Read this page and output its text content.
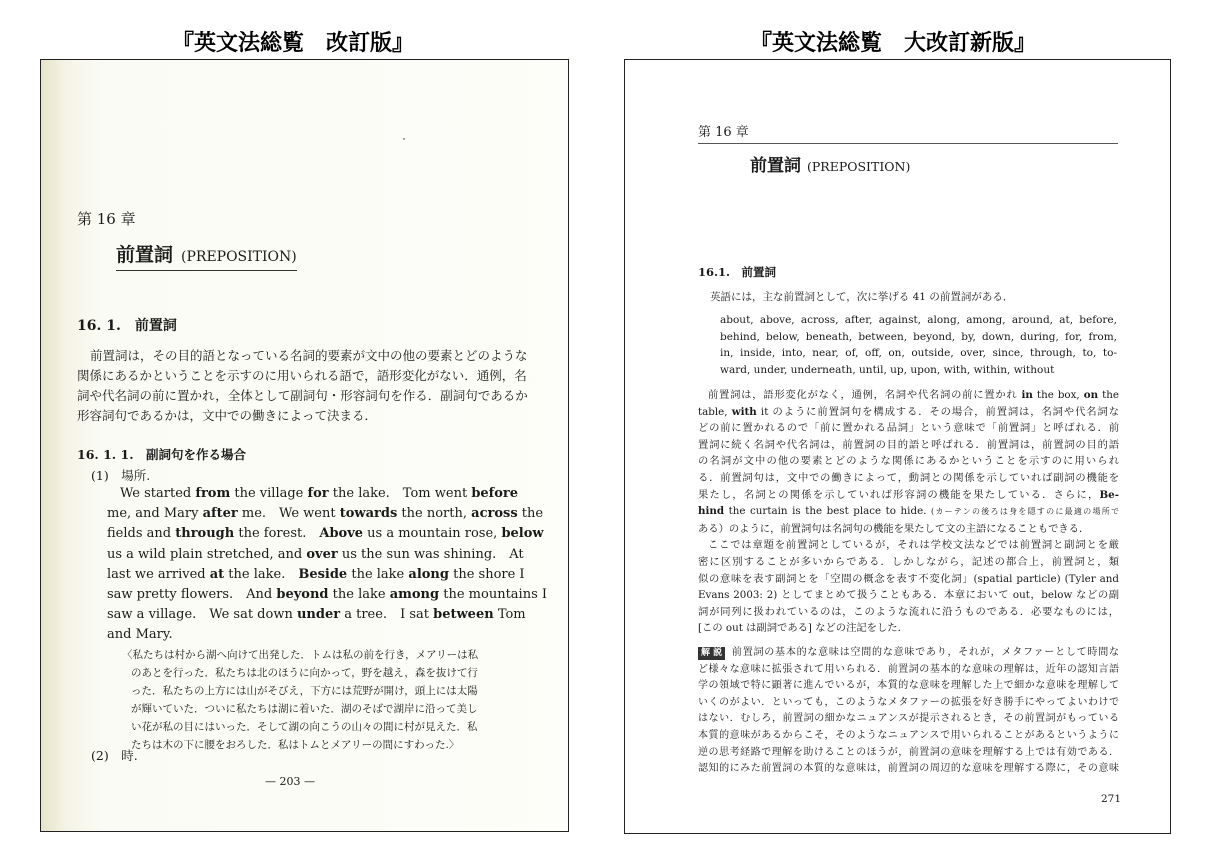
『英文法総覧　改訂版』	『英文法総覧　大改訂新版』
第 16 章
前置詞 (PREPOSITION)
16. 1.　前置詞
前置詞は，その目的語となっている名詞的要素が文中の他の要素とどのような関係にあるかということを示すのに用いられる語で，語形変化がない．通例，名詞や代名詞の前に置かれ，全体として副詞句・形容詞句を作る．副詞句であるか形容詞句であるかは，文中での働きによって決まる．
16. 1. 1.　副詞句を作る場合
(1)　場所.
We started from the village for the lake.　Tom went before
me, and Mary after me.　We went towards the north, across the
fields and through the forest.　Above us a mountain rose, below
us a wild plain stretched, and over us the sun was shining.　At
last we arrived at the lake.　Beside the lake along the shore I
saw pretty flowers.　And beyond the lake among the mountains I
saw a village.　We sat down under a tree.　I sat between Tom
and Mary.
〈私たちは村から湖へ向けて出発した．トムは私の前を行き，メアリーは私
のあとを行った．私たちは北のほうに向かって，野を越え，森を抜けて行
った．私たちの上方には山がそびえ，下方には荒野が開け，頭上には太陽
が輝いていた．ついに私たちは湖に着いた．湖のそばで湖岸に沿って美し
い花が私の目にはいった．そして湖の向こうの山々の間に村が見えた．私
たちは木の下に腰をおろした．私はトムとメアリーの間にすわった.〉
(2)　時.
— 203 —
第 16 章
前置詞 (PREPOSITION)
16.1.　前置詞
英語には，主な前置詞として，次に挙げる 41 の前置詞がある．
about, above, across, after, against, along, among, around, at, before,
behind, below, beneath, between, beyond, by, down, during, for, from,
in, inside, into, near, of, off, on, outside, over, since, through, to, to-
ward, under, underneath, until, up, upon, with, within, without
前置詞は，語形変化がなく，通例，名詞や代名詞の前に置かれ in the box, on the
table, with it のように前置詞句を構成する．その場合，前置詞は，名詞や代名詞な
どの前に置かれるので「前に置かれる品詞」という意味で「前置詞」と呼ばれる．前
置詞に続く名詞や代名詞は，前置詞の目的語と呼ばれる．前置詞は，前置詞の目的語
の名詞が文中の他の要素とどのような関係にあるかということを示すのに用いられ
る．前置詞句は，文中での働きによって，動詞との関係を示していれば副詞の機能を
果たし，名詞との関係を示していれば形容詞の機能を果たしている．さらに，Be-
hind the curtain is the best place to hide. (カーテンの後ろは身を隠すのに最適の場所で
ある）のように，前置詞句は名詞句の機能を果たして文の主語になることもできる．
ここでは章題を前置詞としているが，それは学校文法などでは前置詞と副詞とを厳
密に区別することが多いからである．しかしながら，記述の都合上，前置詞と，類
似の意味を表す副詞とを「空間の概念を表す不変化詞」(spatial particle) (Tyler and
Evans 2003: 2) としてまとめて扱うこともある．本章において out，below などの副
詞が同列に扱われているのは，このような流れに沿うものである．必要なものには，
[この out は副詞である] などの注記をした．
解 説 前置詞の基本的な意味は空間的な意味であり，それが，メタファーとして時間な
ど様々な意味に拡張されて用いられる．前置詞の基本的な意味の理解は，近年の認知言語
学の領域で特に顕著に進んでいるが，本質的な意味を理解した上で細かな意味を理解して
いくのがよい．といっても，このようなメタファーの拡張を好き勝手にやってよいわけで
はない．むしろ，前置詞の細かなニュアンスが提示されるとき，その前置詞がもっている
本質的意味があるからこそ，そのようなニュアンスで用いられることがあるというように
逆の思考経路で理解を助けることのほうが，前置詞の意味を理解する上では有効である．
認知的にみた前置詞の本質的な意味は，前置詞の周辺的な意味を理解する際に，その意味
271
